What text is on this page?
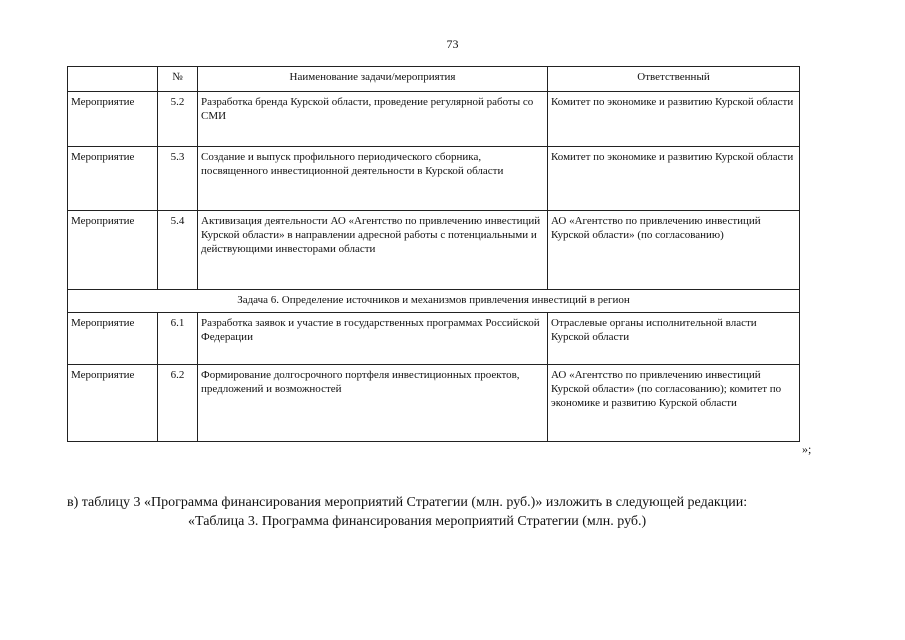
73
	№	Наименование задачи/мероприятия	Ответственный
Мероприятие	5.2	Разработка бренда Курской области, проведение регулярной работы со СМИ	Комитет по экономике и развитию Курской области
Мероприятие	5.3	Создание и выпуск профильного периодического сборника, посвященного инвестиционной деятельности в Курской области	Комитет по экономике и развитию Курской области
Мероприятие	5.4	Активизация деятельности АО «Агентство по привлечению инвестиций Курской области» в направлении адресной работы с потенциальными и действующими инвесторами области	АО «Агентство по привлечению инвестиций Курской области» (по согласованию)
Задача 6. Определение источников и механизмов привлечения инвестиций в регион			
Мероприятие	6.1	Разработка заявок и участие в государственных программах Российской Федерации	Отраслевые органы исполнительной власти Курской области
Мероприятие	6.2	Формирование долгосрочного портфеля инвестиционных проектов, предложений и возможностей	АО «Агентство по привлечению инвестиций Курской области» (по согласованию); комитет по экономике и развитию Курской области
»;
в) таблицу 3 «Программа финансирования мероприятий Стратегии (млн. руб.)» изложить в следующей редакции:
«Таблица 3. Программа финансирования мероприятий Стратегии (млн. руб.)
